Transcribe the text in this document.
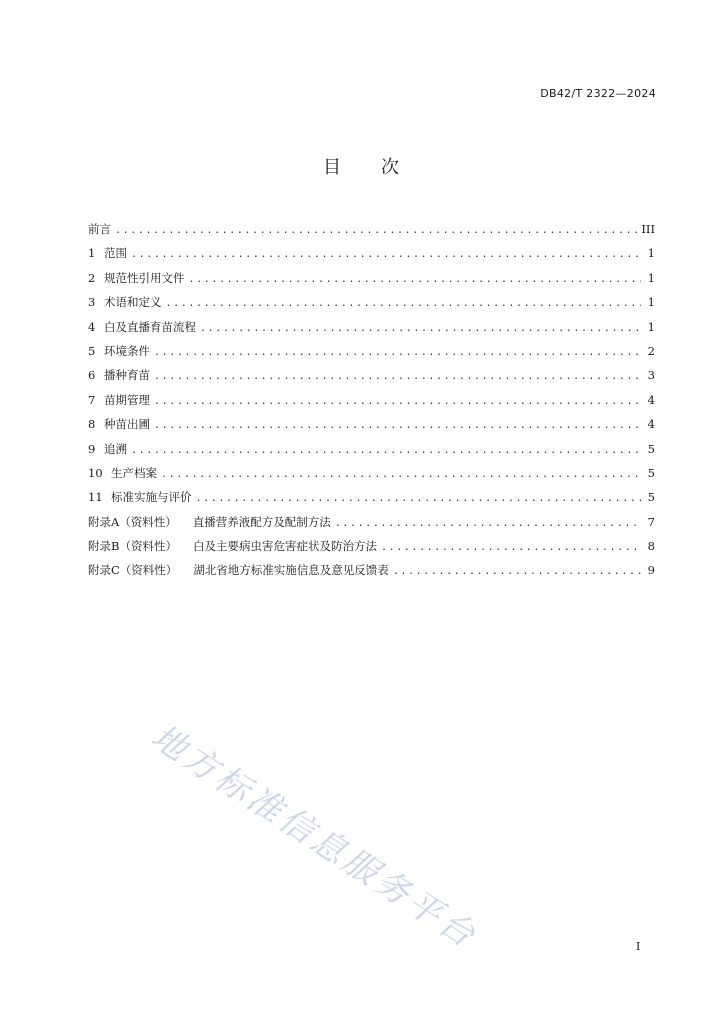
DB42/T 2322—2024
目 次
前言 .....	III
1 范围 .....	1
2 规范性引用文件 .....	1
3 术语和定义 .....	1
4 白及直播育苗流程 .....	1
5 环境条件 .....	2
6 播种育苗 .....	3
7 苗期管理 .....	4
8 种苗出圃 .....	4
9 追溯 .....	5
10 生产档案 .....	5
11 标准实施与评价 .....	5
附录A（资料性） 直播营养液配方及配制方法 .....	7
附录B（资料性） 白及主要病虫害危害症状及防治方法 .....	8
附录C（资料性） 湖北省地方标准实施信息及意见反馈表 .....	9
地方标准信息服务平台	I
